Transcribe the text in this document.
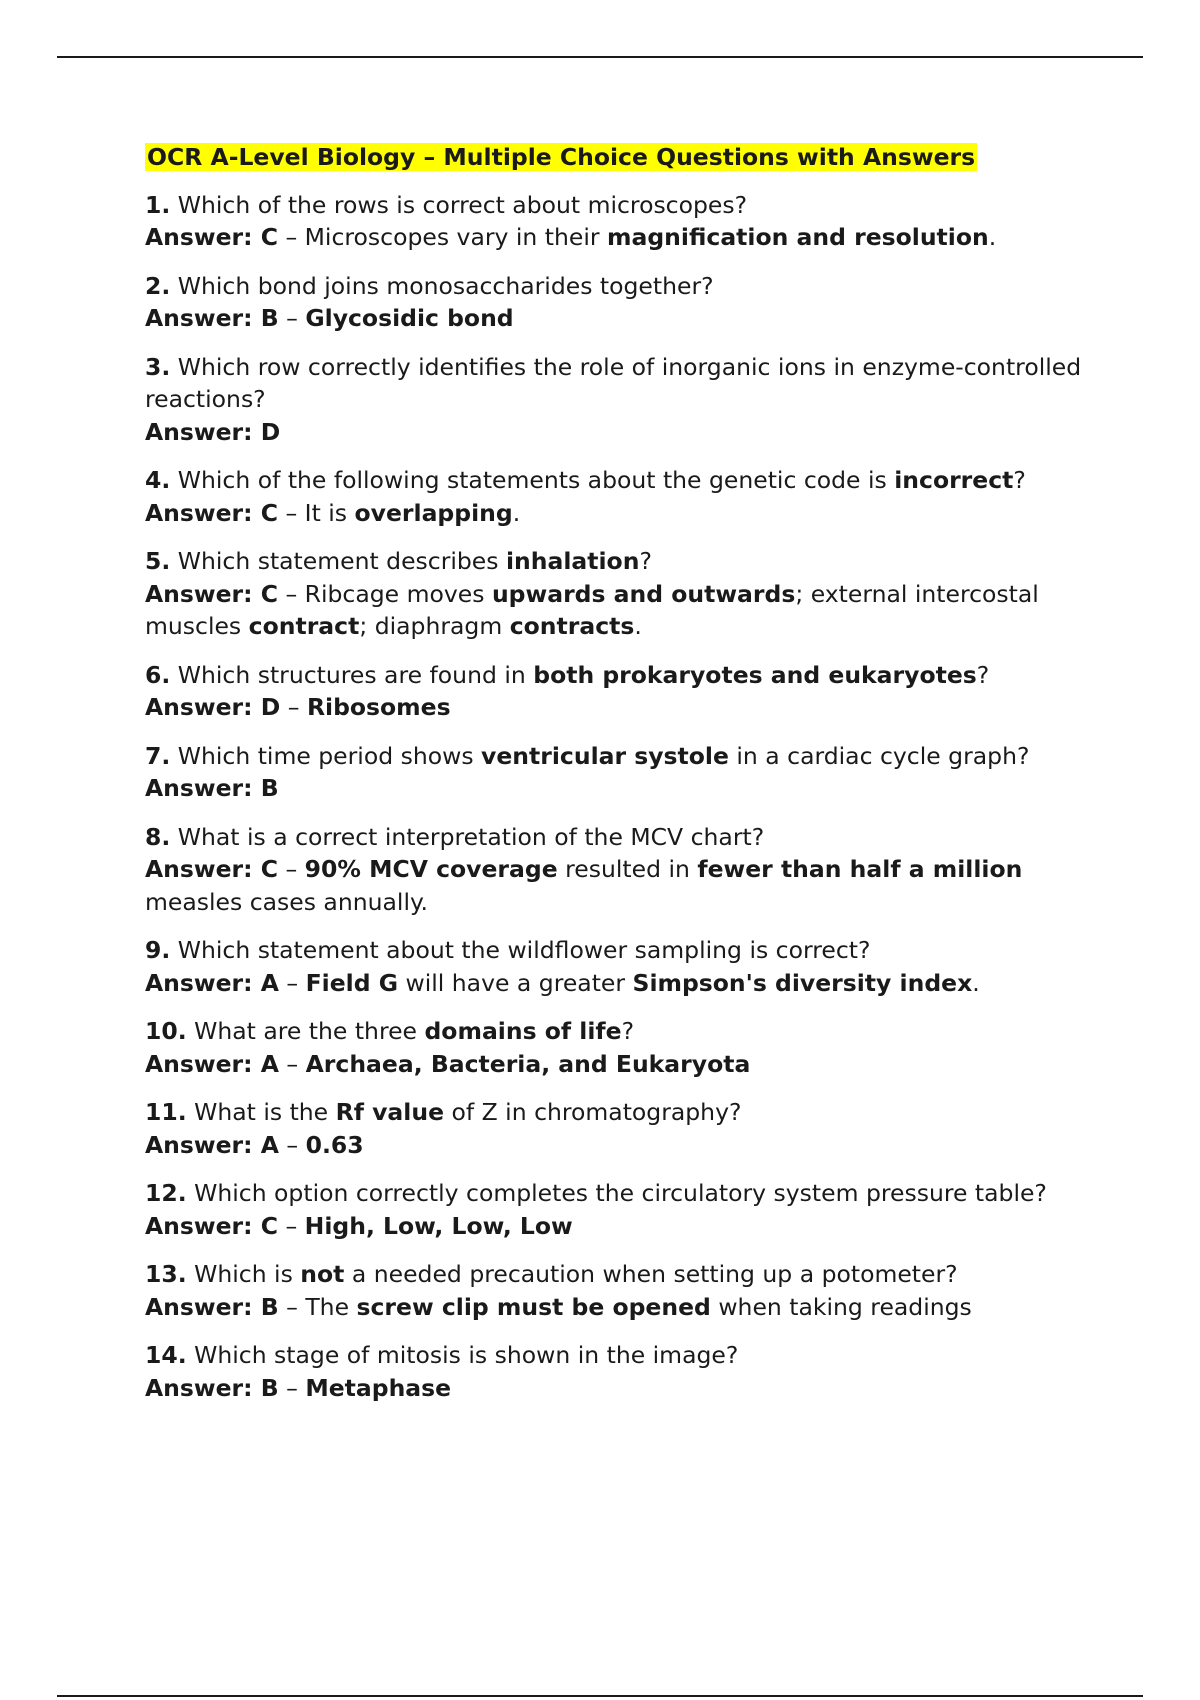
OCR A-Level Biology – Multiple Choice Questions with Answers

1. Which of the rows is correct about microscopes?

Answer: C – Microscopes vary in their magnification and resolution.

2. Which bond joins monosaccharides together?

Answer: B – Glycosidic bond

3. Which row correctly identifies the role of inorganic ions in enzyme-controlled reactions?

Answer: D

4. Which of the following statements about the genetic code is incorrect?

Answer: C – It is overlapping.

5. Which statement describes inhalation?

Answer: C – Ribcage moves upwards and outwards; external intercostal muscles contract; diaphragm contracts.

6. Which structures are found in both prokaryotes and eukaryotes?

Answer: D – Ribosomes

7. Which time period shows ventricular systole in a cardiac cycle graph?

Answer: B

8. What is a correct interpretation of the MCV chart?

Answer: C – 90% MCV coverage resulted in fewer than half a million measles cases annually.

9. Which statement about the wildflower sampling is correct?

Answer: A – Field G will have a greater Simpson's diversity index.

10. What are the three domains of life?

Answer: A – Archaea, Bacteria, and Eukaryota

11. What is the Rf value of Z in chromatography?

Answer: A – 0.63

12. Which option correctly completes the circulatory system pressure table?

Answer: C – High, Low, Low, Low

13. Which is not a needed precaution when setting up a potometer?

Answer: B – The screw clip must be opened when taking readings

14. Which stage of mitosis is shown in the image?

Answer: B – Metaphase
